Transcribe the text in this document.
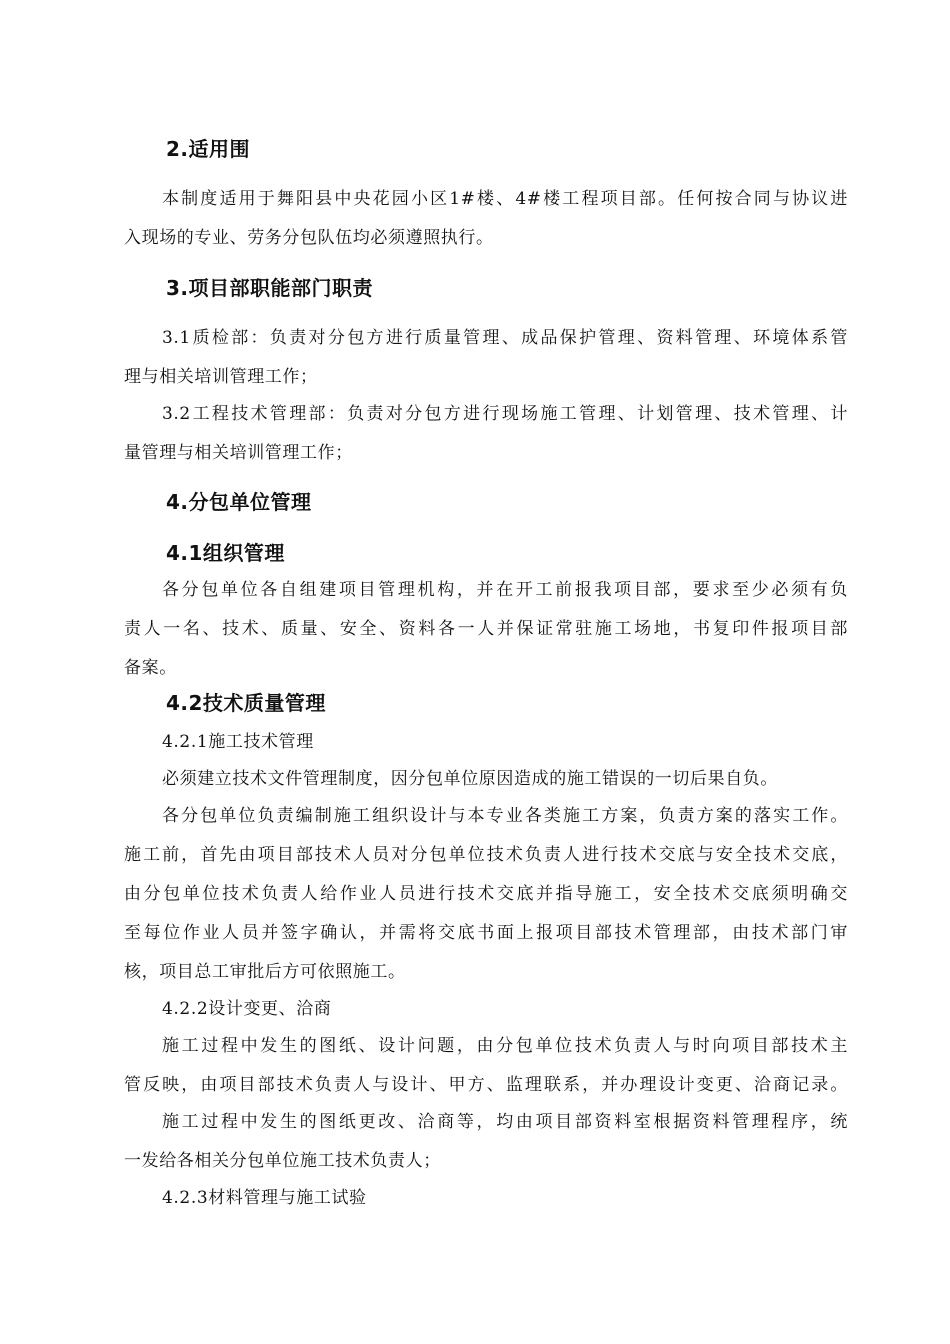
2.适用围
本制度适用于舞阳县中央花园小区1#楼、4#楼工程项目部。任何按合同与协议进
入现场的专业、劳务分包队伍均必须遵照执行。
3.项目部职能部门职责
3.1质检部：负责对分包方进行质量管理、成品保护管理、资料管理、环境体系管
理与相关培训管理工作；
3.2工程技术管理部：负责对分包方进行现场施工管理、计划管理、技术管理、计
量管理与相关培训管理工作；
4.分包单位管理
4.1组织管理
各分包单位各自组建项目管理机构，并在开工前报我项目部，要求至少必须有负
责人一名、技术、质量、安全、资料各一人并保证常驻施工场地，书复印件报项目部
备案。
4.2技术质量管理
4.2.1施工技术管理
必须建立技术文件管理制度，因分包单位原因造成的施工错误的一切后果自负。
各分包单位负责编制施工组织设计与本专业各类施工方案，负责方案的落实工作。
施工前，首先由项目部技术人员对分包单位技术负责人进行技术交底与安全技术交底，
由分包单位技术负责人给作业人员进行技术交底并指导施工，安全技术交底须明确交
至每位作业人员并签字确认，并需将交底书面上报项目部技术管理部，由技术部门审
核，项目总工审批后方可依照施工。
4.2.2设计变更、洽商
施工过程中发生的图纸、设计问题，由分包单位技术负责人与时向项目部技术主
管反映，由项目部技术负责人与设计、甲方、监理联系，并办理设计变更、洽商记录。
施工过程中发生的图纸更改、洽商等，均由项目部资料室根据资料管理程序，统
一发给各相关分包单位施工技术负责人；
4.2.3材料管理与施工试验
